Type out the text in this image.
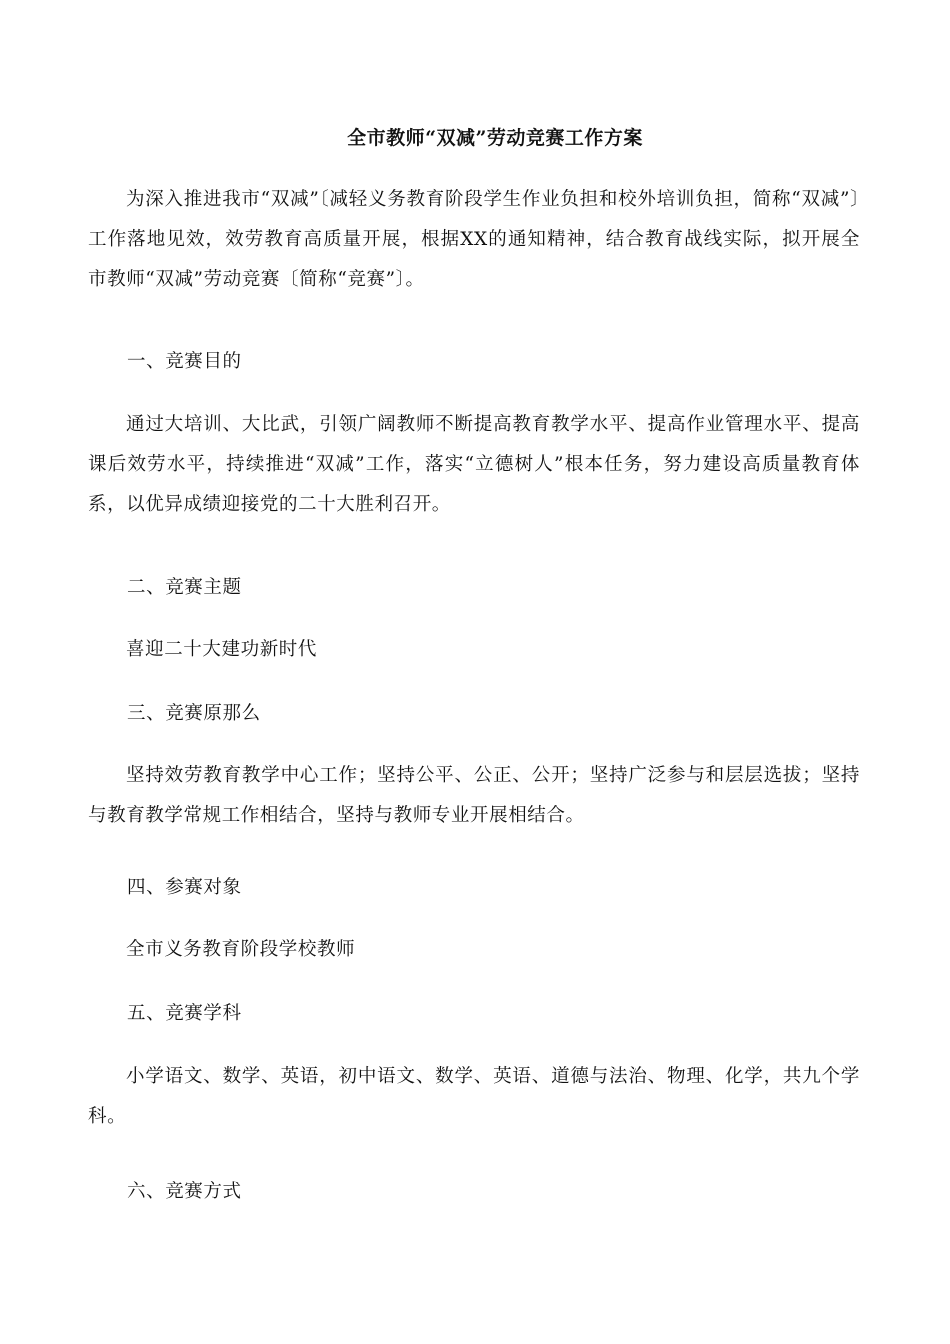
全市教师“双减”劳动竞赛工作方案

为深入推进我市“双减”〔减轻义务教育阶段学生作业负担和校外培训负担，简称“双减”〕工作落地见效，效劳教育高质量开展，根据XX的通知精神，结合教育战线实际，拟开展全市教师“双减”劳动竞赛〔简称“竞赛”〕。

一、竞赛目的

通过大培训、大比武，引领广阔教师不断提高教育教学水平、提高作业管理水平、提高课后效劳水平，持续推进“双减”工作，落实“立德树人”根本任务，努力建设高质量教育体系，以优异成绩迎接党的二十大胜利召开。

二、竞赛主题

喜迎二十大建功新时代

三、竞赛原那么

坚持效劳教育教学中心工作；坚持公平、公正、公开；坚持广泛参与和层层选拔；坚持与教育教学常规工作相结合，坚持与教师专业开展相结合。

四、参赛对象

全市义务教育阶段学校教师

五、竞赛学科

小学语文、数学、英语，初中语文、数学、英语、道德与法治、物理、化学，共九个学科。

六、竞赛方式
